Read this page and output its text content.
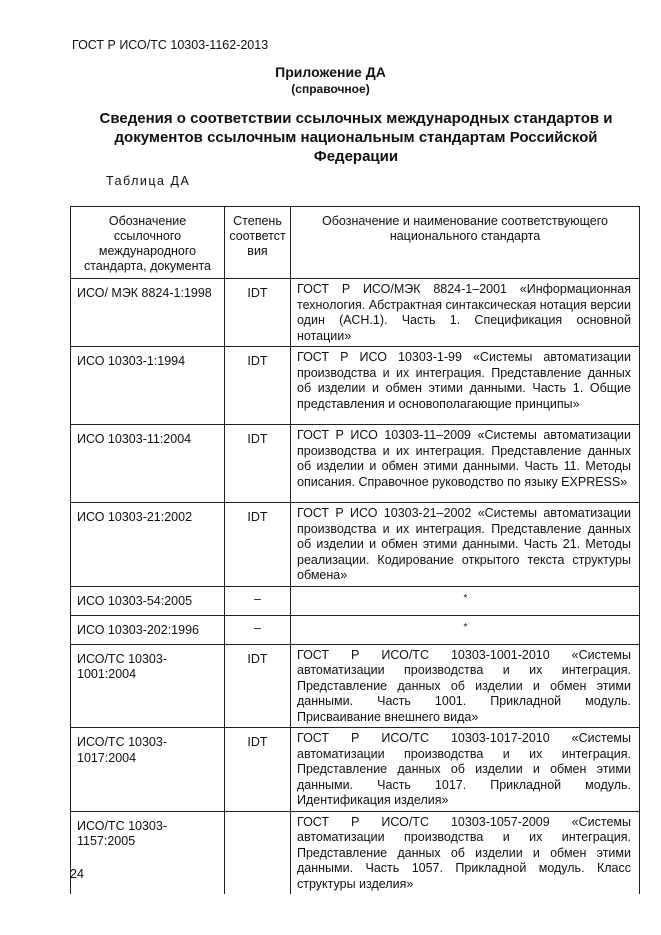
ГОСТ Р ИСО/ТС 10303-1162-2013
Приложение ДА
(справочное)
Сведения о соответствии ссылочных международных стандартов и документов ссылочным национальным стандартам Российской Федерации
Таблица ДА
Обозначение ссылочного международного стандарта, документа	Степень соответствия	Обозначение и наименование соответствующего национального стандарта
ИСО/ МЭК 8824-1:1998	IDT	ГОСТ Р ИСО/МЭК 8824-1–2001 «Информационная технология. Абстрактная синтаксическая нотация версии один (АСН.1). Часть 1. Спецификация основной нотации»
ИСО 10303-1:1994	IDT	ГОСТ Р ИСО 10303-1-99 «Системы автоматизации производства и их интеграция. Представление данных об изделии и обмен этими данными. Часть 1. Общие представления и основополагающие принципы»
ИСО 10303-11:2004	IDT	ГОСТ Р ИСО 10303-11–2009 «Системы автоматизации производства и их интеграция. Представление данных об изделии и обмен этими данными. Часть 11. Методы описания. Справочное руководство по языку EXPRESS»
ИСО 10303-21:2002	IDT	ГОСТ Р ИСО 10303-21–2002 «Системы автоматизации производства и их интеграция. Представление данных об изделии и обмен этими данными. Часть 21. Методы реализации. Кодирование открытого текста структуры обмена»
ИСО 10303-54:2005	–	*
ИСО 10303-202:1996	–	*
ИСО/ТС 10303-1001:2004	IDT	ГОСТ Р ИСО/ТС 10303-1001-2010 «Системы автоматизации производства и их интеграция. Представление данных об изделии и обмен этими данными. Часть 1001. Прикладной модуль. Присваивание внешнего вида»
ИСО/ТС 10303-1017:2004	IDT	ГОСТ Р ИСО/ТС 10303-1017-2010 «Системы автоматизации производства и их интеграция. Представление данных об изделии и обмен этими данными. Часть 1017. Прикладной модуль. Идентификация изделия»
ИСО/ТС 10303-1157:2005		ГОСТ Р ИСО/ТС 10303-1057-2009 «Системы автоматизации производства и их интеграция. Представление данных об изделии и обмен этими данными. Часть 1057. Прикладной модуль. Класс структуры изделия»
24
